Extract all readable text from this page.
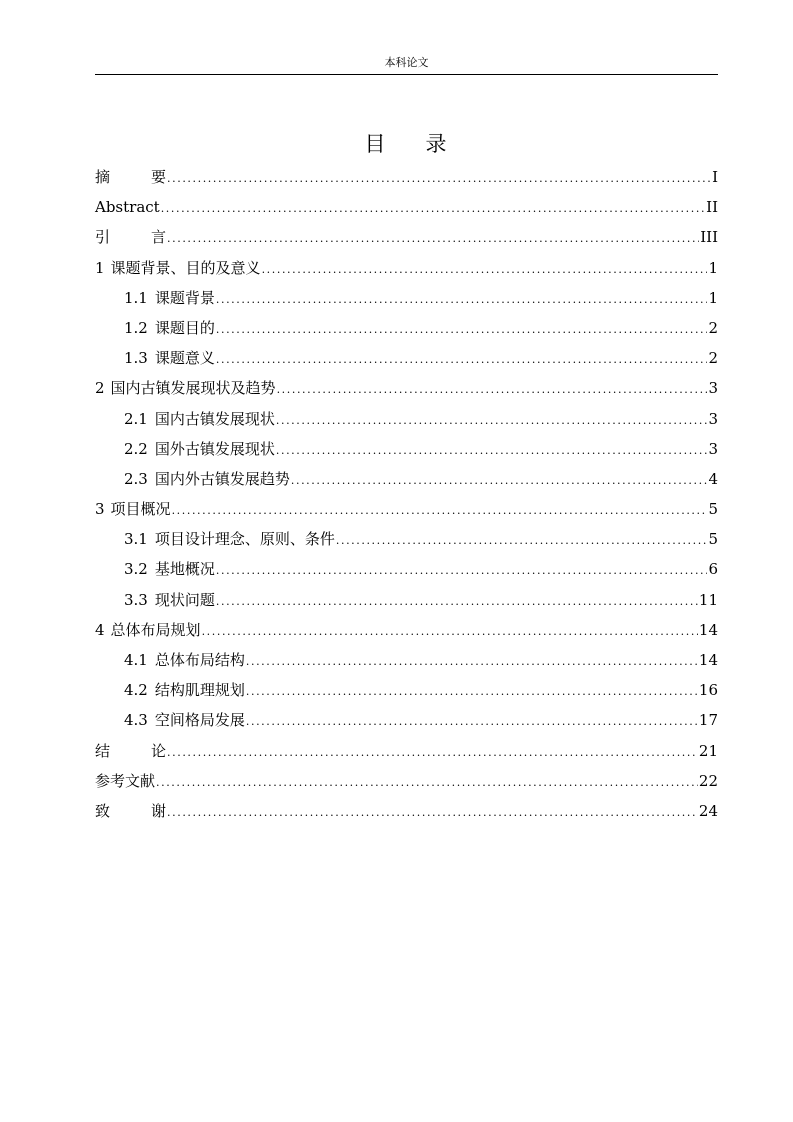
本科论文
目 录
摘	要 .....	I
Abstract .....	II
引	言 .....	III
1 课题背景、目的及意义 .....	1
1.1 课题背景 .....	1
1.2 课题目的 .....	2
1.3 课题意义 .....	2
2 国内古镇发展现状及趋势 .....	3
2.1 国内古镇发展现状 .....	3
2.2 国外古镇发展现状 .....	3
2.3 国内外古镇发展趋势 .....	4
3 项目概况 .....	5
3.1 项目设计理念、原则、条件 .....	5
3.2 基地概况 .....	6
3.3 现状问题 .....	11
4 总体布局规划 .....	14
4.1 总体布局结构 .....	14
4.2 结构肌理规划 .....	16
4.3 空间格局发展 .....	17
结	论 .....	21
参考文献 .....	22
致	谢 .....	24
